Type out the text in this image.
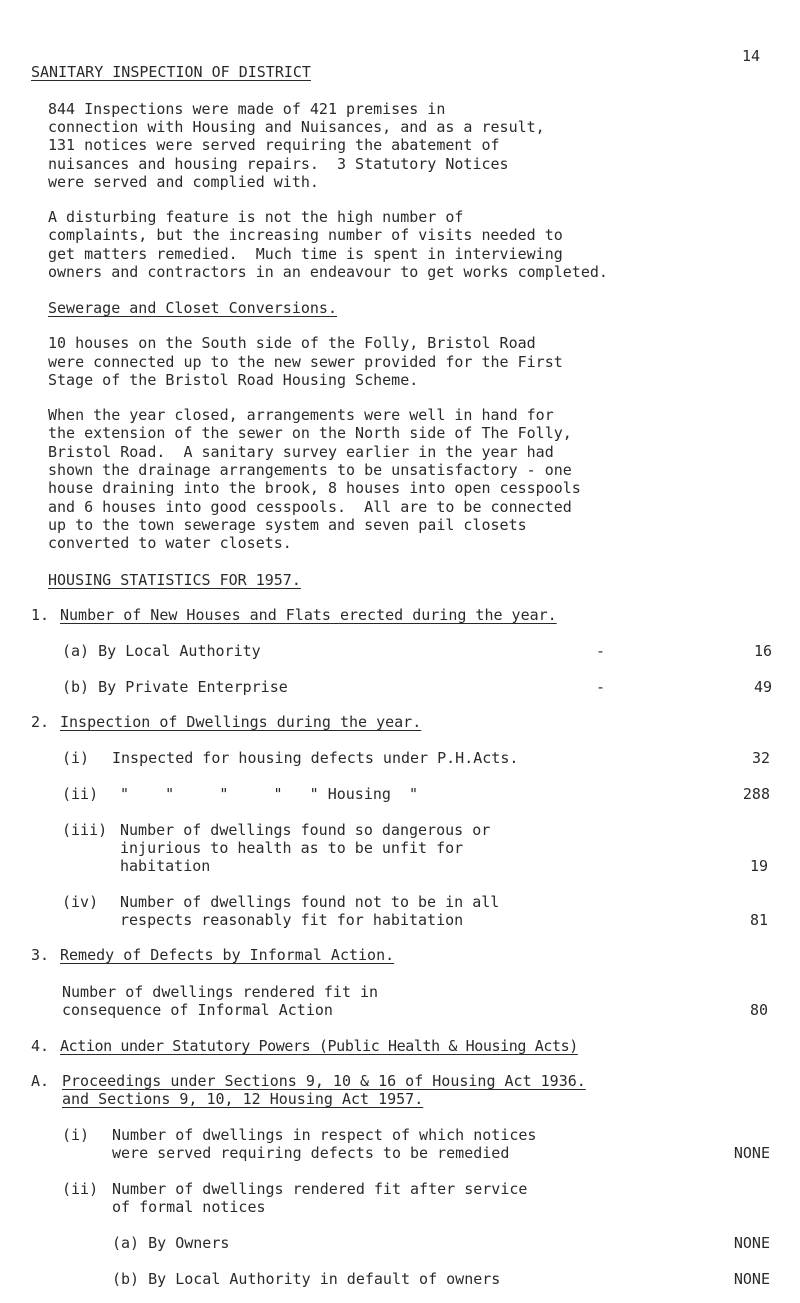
SANITARY INSPECTION OF DISTRICT
14
844 Inspections were made of 421 premises in
connection with Housing and Nuisances, and as a result,
131 notices were served requiring the abatement of
nuisances and housing repairs.  3 Statutory Notices
were served and complied with.
A disturbing feature is not the high number of
complaints, but the increasing number of visits needed to
get matters remedied.  Much time is spent in interviewing
owners and contractors in an endeavour to get works completed.
Sewerage and Closet Conversions.
10 houses on the South side of the Folly, Bristol Road
were connected up to the new sewer provided for the First
Stage of the Bristol Road Housing Scheme.
When the year closed, arrangements were well in hand for
the extension of the sewer on the North side of The Folly,
Bristol Road.  A sanitary survey earlier in the year had
shown the drainage arrangements to be unsatisfactory - one
house draining into the brook, 8 houses into open cesspools
and 6 houses into good cesspools.  All are to be connected
up to the town sewerage system and seven pail closets
converted to water closets.
HOUSING STATISTICS FOR 1957.
1. Number of New Houses and Flats erected during the year.
(a) By Local Authority	-	16
(b) By Private Enterprise	-	49
2. Inspection of Dwellings during the year.
(i) Inspected for housing defects under P.H.Acts.	32
(ii) "    "     "     "   " Housing  "	288
(iii) Number of dwellings found so dangerous or
injurious to health as to be unfit for
habitation	19
(iv) Number of dwellings found not to be in all
respects reasonably fit for habitation	81
3. Remedy of Defects by Informal Action.
Number of dwellings rendered fit in
consequence of Informal Action	80
4. Action under Statutory Powers (Public Health & Housing Acts)
A. Proceedings under Sections 9, 10 & 16 of Housing Act 1936.
and Sections 9, 10, 12 Housing Act 1957.
(i) Number of dwellings in respect of which notices
were served requiring defects to be remedied	NONE
(ii) Number of dwellings rendered fit after service
of formal notices
(a) By Owners	NONE
(b) By Local Authority in default of owners	NONE
